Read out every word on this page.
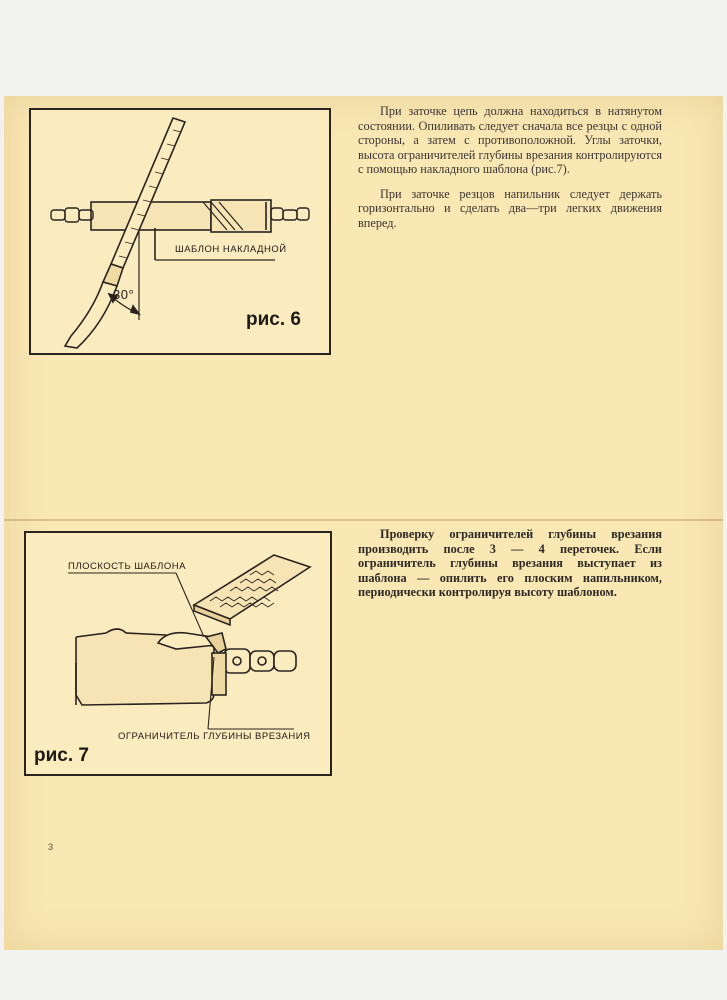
ШАБЛОН НАКЛАДНОЙ
30°
рис. 6
ПЛОСКОСТЬ ШАБЛОНА
ОГРАНИЧИТЕЛЬ ГЛУБИНЫ ВРЕЗАНИЯ
рис. 7

При заточке цепь должна находиться в натянутом состоянии. Опиливать следует сначала все резцы с одной стороны, а затем с противоположной. Углы заточки, высота ограничителей глубины врезания контролируются с помощью накладного шаблона (рис.7).

При заточке резцов напильник следует держать горизонтально и сделать два—три легких движения вперед.

Проверку ограничителей глубины врезания производить после 3 — 4 переточек. Если ограничитель глубины врезания выступает из шаблона — опилить его плоским напильником, периодически контролируя высоту шаблоном.

3
